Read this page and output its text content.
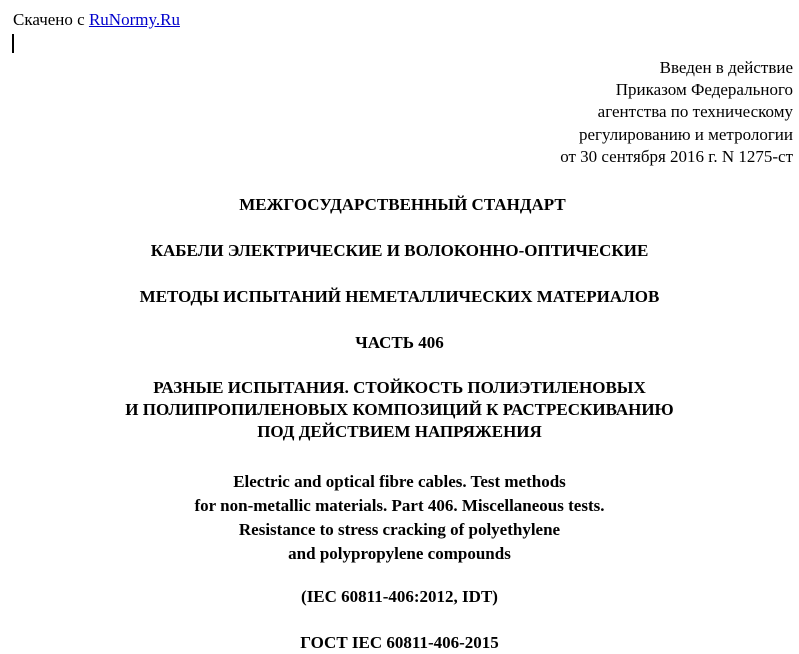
Скачено с RuNormy.Ru
Введен в действие
Приказом Федерального
агентства по техническому
регулированию и метрологии
от 30 сентября 2016 г. N 1275-ст
МЕЖГОСУДАРСТВЕННЫЙ СТАНДАРТ
КАБЕЛИ ЭЛЕКТРИЧЕСКИЕ И ВОЛОКОННО-ОПТИЧЕСКИЕ
МЕТОДЫ ИСПЫТАНИЙ НЕМЕТАЛЛИЧЕСКИХ МАТЕРИАЛОВ
ЧАСТЬ 406
РАЗНЫЕ ИСПЫТАНИЯ. СТОЙКОСТЬ ПОЛИЭТИЛЕНОВЫХ
И ПОЛИПРОПИЛЕНОВЫХ КОМПОЗИЦИЙ К РАСТРЕСКИВАНИЮ
ПОД ДЕЙСТВИЕМ НАПРЯЖЕНИЯ
Electric and optical fibre cables. Test methods
for non-metallic materials. Part 406. Miscellaneous tests.
Resistance to stress cracking of polyethylene
and polypropylene compounds
(IEC 60811-406:2012, IDT)
ГОСТ IEC 60811-406-2015
